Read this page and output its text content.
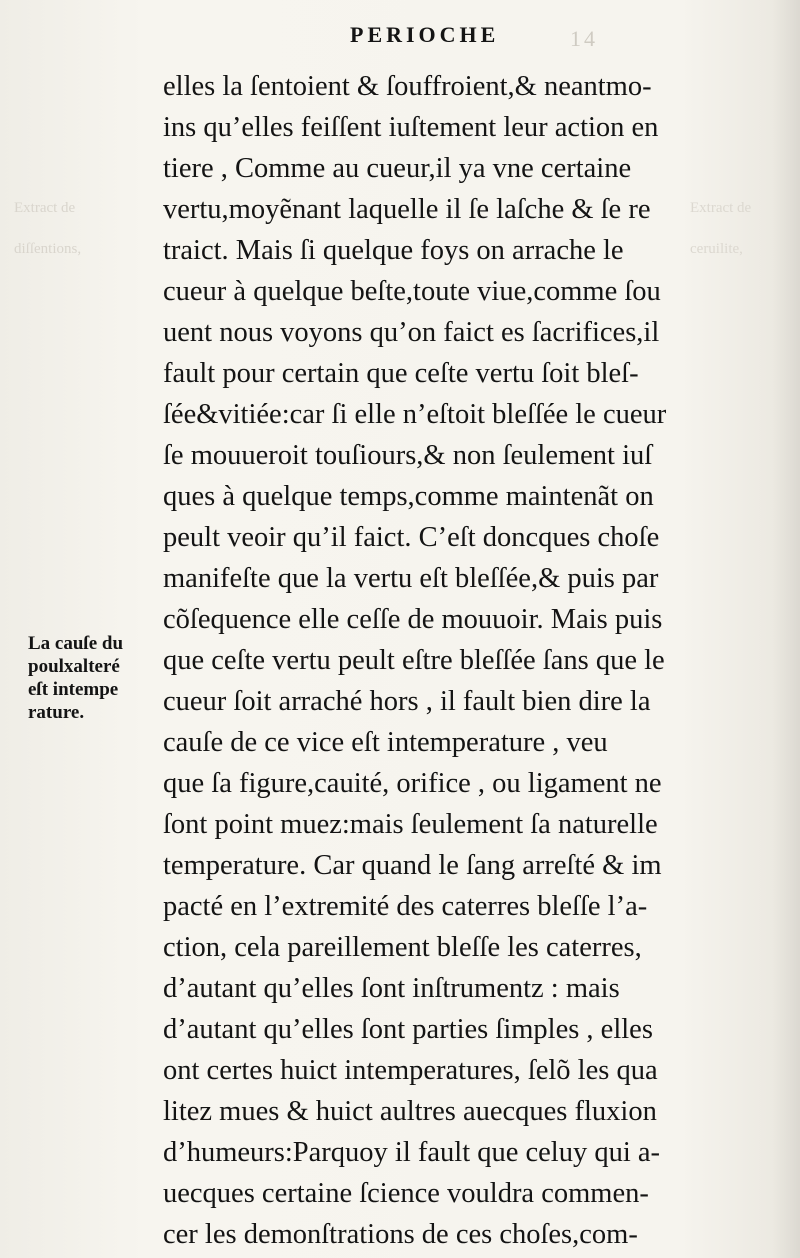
PERIOCHE	14
Extract de
diſſentions,
Extract de
ceruilite,
elles la ſentoient & ſouffroient,& neantmo-
ins qu’elles feiſſent iuſtement leur action en
tiere , Comme au cueur,il ya vne certaine
vertu,moyẽnant laquelle il ſe laſche & ſe re
traict. Mais ſi quelque foys on arrache le
cueur à quelque beſte,toute viue,comme ſou
uent nous voyons qu’on faict es ſacrifices,il
fault pour certain que ceſte vertu ſoit bleſ-
ſée&vitiée:car ſi elle n’eſtoit bleſſée le cueur
ſe mouueroit touſiours,& non ſeulement iuſ
ques à quelque temps,comme maintenãt on
peult veoir qu’il faict. C’eſt doncques choſe
manifeſte que la vertu eſt bleſſée,& puis par
cõſequence elle ceſſe de mouuoir. Mais puis
que ceſte vertu peult eſtre bleſſée ſans que le
cueur ſoit arraché hors , il fault bien dire la
cauſe de ce vice eſt intemperature , veu
que ſa figure,cauité, orifice , ou ligament ne
ſont point muez:mais ſeulement ſa naturelle
temperature. Car quand le ſang arreſté & im
pacté en l’extremité des caterres bleſſe l’a-
ction, cela pareillement bleſſe les caterres,
d’autant qu’elles ſont inſtrumentz : mais
d’autant qu’elles ſont parties ſimples , elles
ont certes huict intemperatures, ſelõ les qua
litez mues & huict aultres auecques fluxion
d’humeurs:Parquoy il fault que celuy qui a-
uecques certaine ſcience vouldra commen-
cer les demonſtrations de ces choſes,com-
La cauſe du
poulxalteré
eſt intempe
rature.
